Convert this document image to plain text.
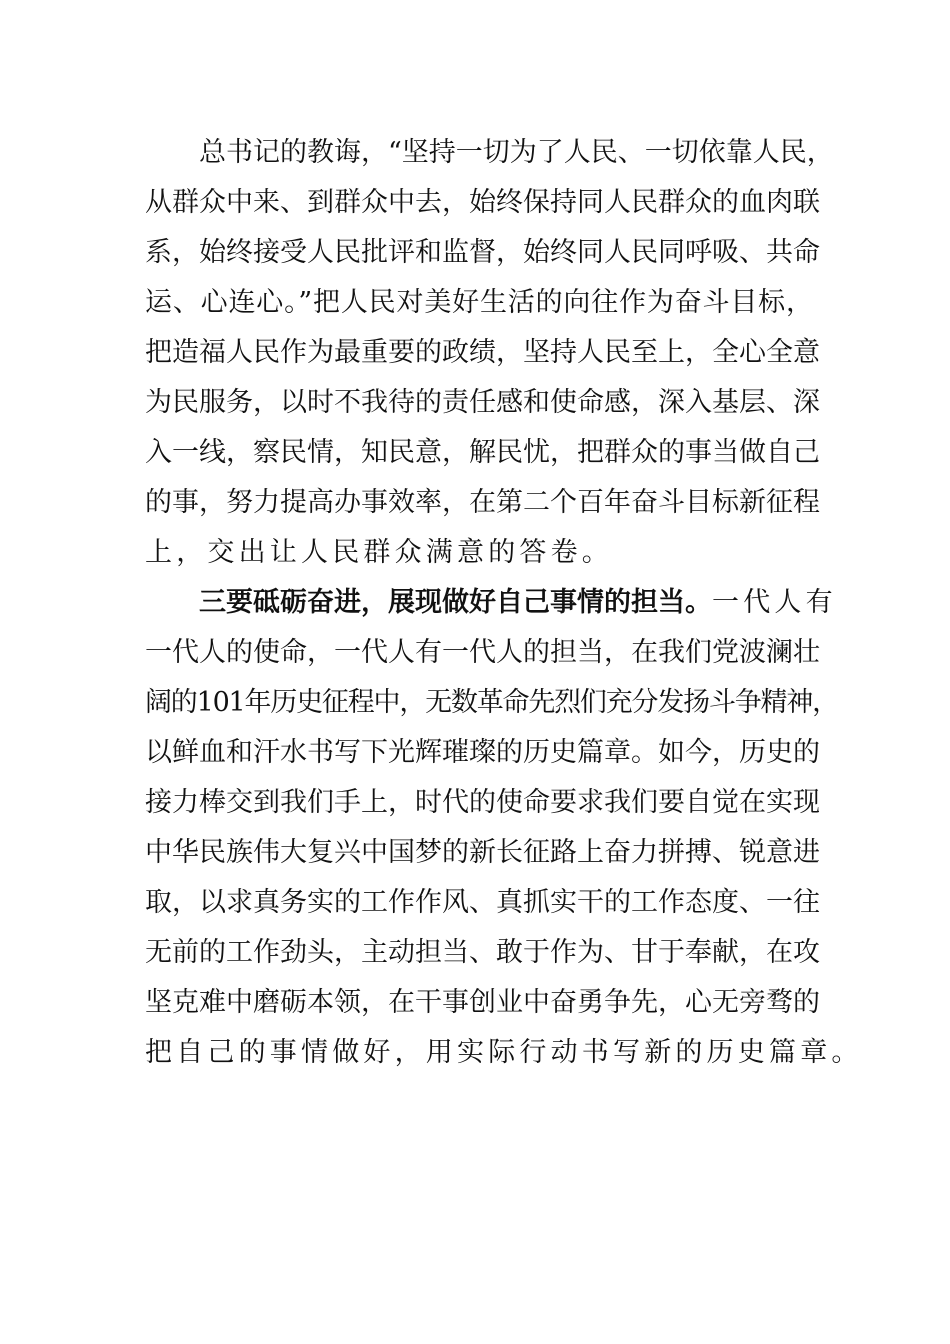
　　总书记的教诲，“坚持一切为了人民、一切依靠人民，
从群众中来、到群众中去，始终保持同人民群众的血肉联
系，始终接受人民批评和监督，始终同人民同呼吸、共命
运、心连心。”把人民对美好生活的向往作为奋斗目标，
把造福人民作为最重要的政绩，坚持人民至上，全心全意
为民服务，以时不我待的责任感和使命感，深入基层、深
入一线，察民情，知民意，解民忧，把群众的事当做自己
的事，努力提高办事效率，在第二个百年奋斗目标新征程
上，交出让人民群众满意的答卷。
　　三要砥砺奋进，展现做好自己事情的担当。一代人有
一代人的使命，一代人有一代人的担当，在我们党波澜壮
阔的101年历史征程中，无数革命先烈们充分发扬斗争精神，
以鲜血和汗水书写下光辉璀璨的历史篇章。如今，历史的
接力棒交到我们手上，时代的使命要求我们要自觉在实现
中华民族伟大复兴中国梦的新长征路上奋力拼搏、锐意进
取，以求真务实的工作作风、真抓实干的工作态度、一往
无前的工作劲头，主动担当、敢于作为、甘于奉献，在攻
坚克难中磨砺本领，在干事创业中奋勇争先，心无旁骛的
把自己的事情做好，用实际行动书写新的历史篇章。
